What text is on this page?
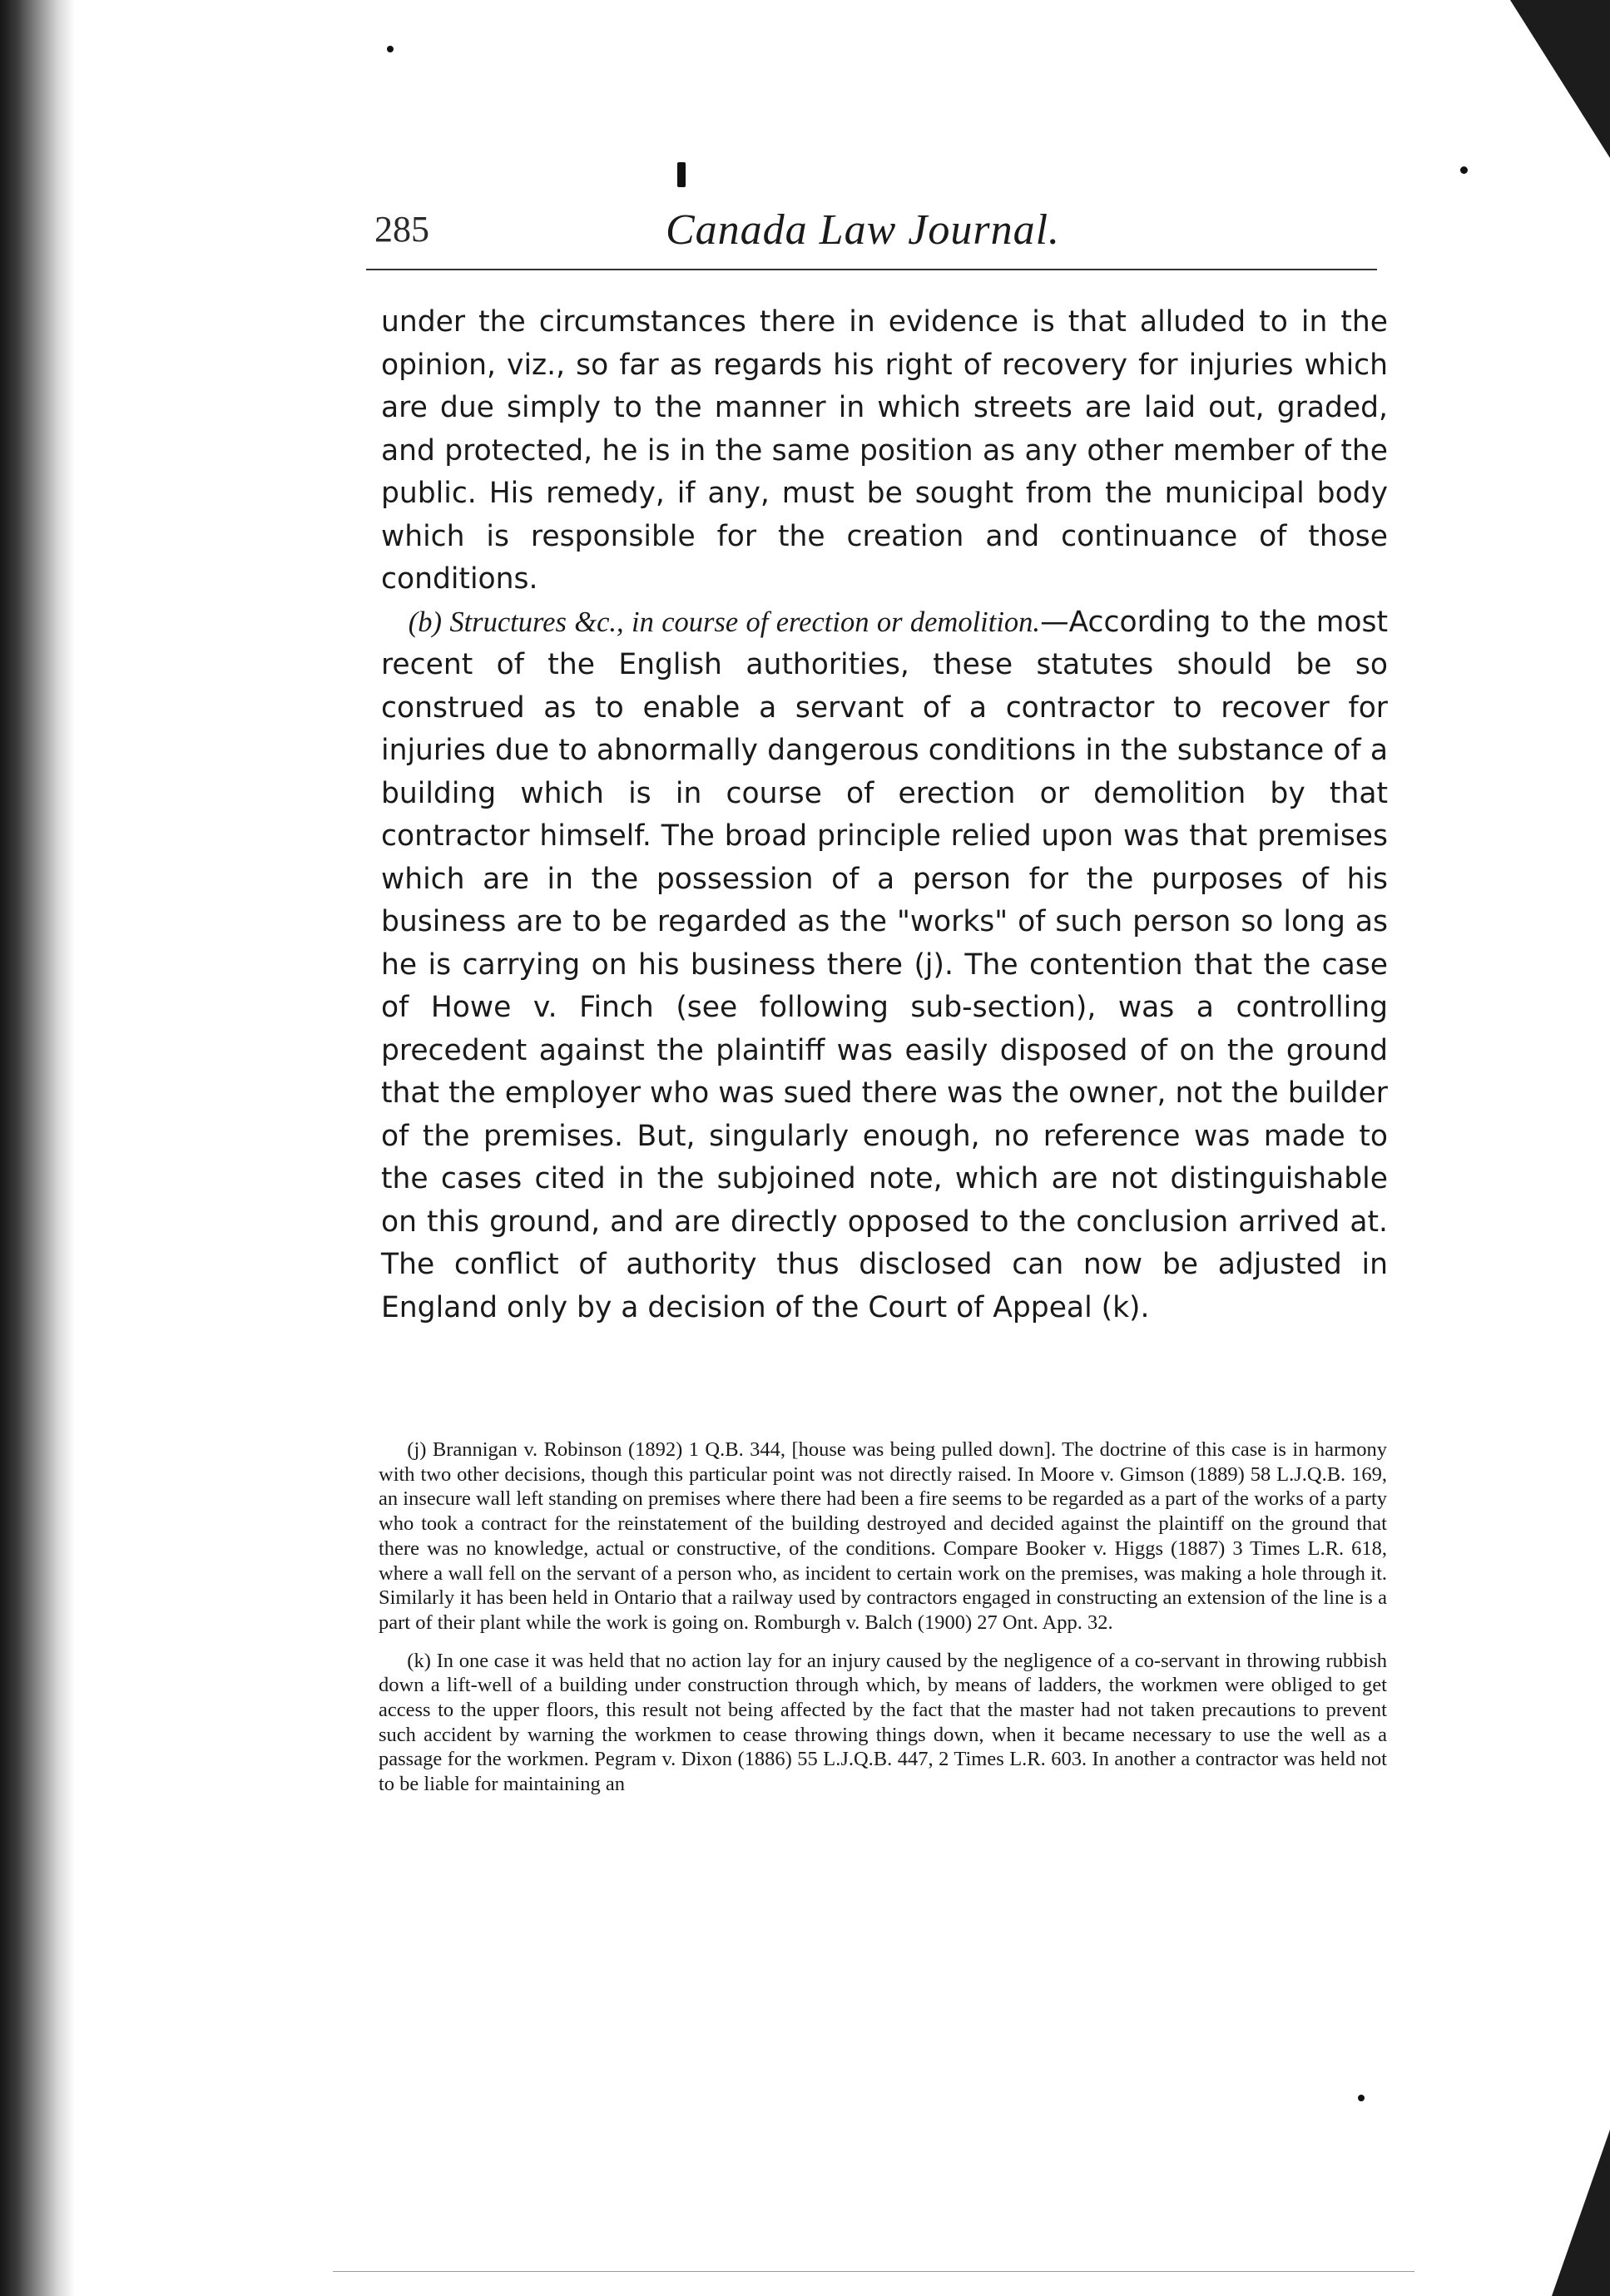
285	Canada Law Journal.

under the circumstances there in evidence is that alluded to in the opinion, viz., so far as regards his right of recovery for injuries which are due simply to the manner in which streets are laid out, graded, and protected, he is in the same position as any other member of the public. His remedy, if any, must be sought from the municipal body which is responsible for the creation and continuance of those conditions.

(b) Structures &c., in course of erection or demolition.—According to the most recent of the English authorities, these statutes should be so construed as to enable a servant of a contractor to recover for injuries due to abnormally dangerous conditions in the substance of a building which is in course of erection or demolition by that contractor himself. The broad principle relied upon was that premises which are in the possession of a person for the purposes of his business are to be regarded as the "works" of such person so long as he is carrying on his business there (j). The contention that the case of Howe v. Finch (see following sub-section), was a controlling precedent against the plaintiff was easily disposed of on the ground that the employer who was sued there was the owner, not the builder of the premises. But, singularly enough, no reference was made to the cases cited in the subjoined note, which are not distinguishable on this ground, and are directly opposed to the conclusion arrived at. The conflict of authority thus disclosed can now be adjusted in England only by a decision of the Court of Appeal (k).

(j) Brannigan v. Robinson (1892) 1 Q.B. 344, [house was being pulled down]. The doctrine of this case is in harmony with two other decisions, though this particular point was not directly raised. In Moore v. Gimson (1889) 58 L.J.Q.B. 169, an insecure wall left standing on premises where there had been a fire seems to be regarded as a part of the works of a party who took a contract for the reinstatement of the building destroyed and decided against the plaintiff on the ground that there was no knowledge, actual or constructive, of the conditions. Compare Booker v. Higgs (1887) 3 Times L.R. 618, where a wall fell on the servant of a person who, as incident to certain work on the premises, was making a hole through it. Similarly it has been held in Ontario that a railway used by contractors engaged in constructing an extension of the line is a part of their plant while the work is going on. Romburgh v. Balch (1900) 27 Ont. App. 32.

(k) In one case it was held that no action lay for an injury caused by the negligence of a co-servant in throwing rubbish down a lift-well of a building under construction through which, by means of ladders, the workmen were obliged to get access to the upper floors, this result not being affected by the fact that the master had not taken precautions to prevent such accident by warning the workmen to cease throwing things down, when it became necessary to use the well as a passage for the workmen. Pegram v. Dixon (1886) 55 L.J.Q.B. 447, 2 Times L.R. 603. In another a contractor was held not to be liable for maintaining an
